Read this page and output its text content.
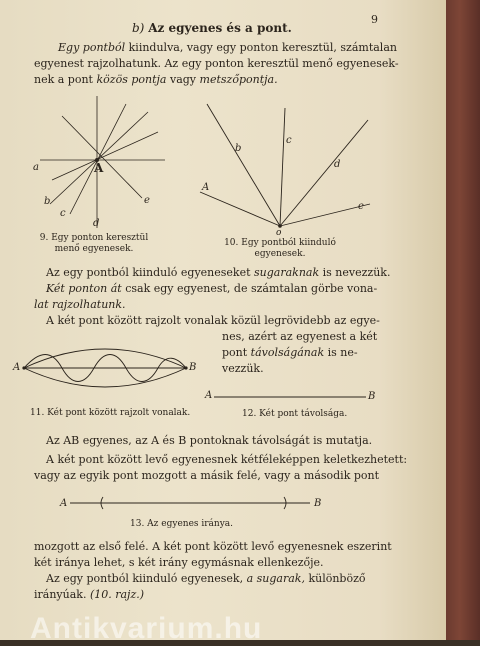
9
b) Az egyenes és a pont.
Egy pontból kiindulva, vagy egy ponton keresztül, számtalan
egyenest rajzolhatunk. Az egy ponton keresztül menő egyenesek-
nek a pont közös pontja vagy metszőpontja.
a	A
b
c
d
e
9. Egy ponton keresztül
menő egyenesek.
b
c
d
A
e
o
10. Egy pontból kiinduló
egyenesek.
Az egy pontból kiinduló egyeneseket sugaraknak is nevezzük.
Két ponton át csak egy egyenest, de számtalan görbe vona-
lat rajzolhatunk.
A két pont között rajzolt vonalak közül legrövidebb az egye-
nes, azért az egyenest a két
pont távolságának is ne-
vezzük.
A	B
11. Két pont között rajzolt vonalak.
A	B
12. Két pont távolsága.
Az AB egyenes, az A és B pontoknak távolságát is mutatja.
A két pont között levő egyenesnek kétféleképpen keletkezhetett:
vagy az egyik pont mozgott a másik felé, vagy a második pont
A	B
13. Az egyenes iránya.
mozgott az első felé. A két pont között levő egyenesnek eszerint
két iránya lehet, s két irány egymásnak ellenkezője.
Az egy pontból kiinduló egyenesek, a sugarak, különböző
irányúak. (10. rajz.)
Antikvarium.hu
